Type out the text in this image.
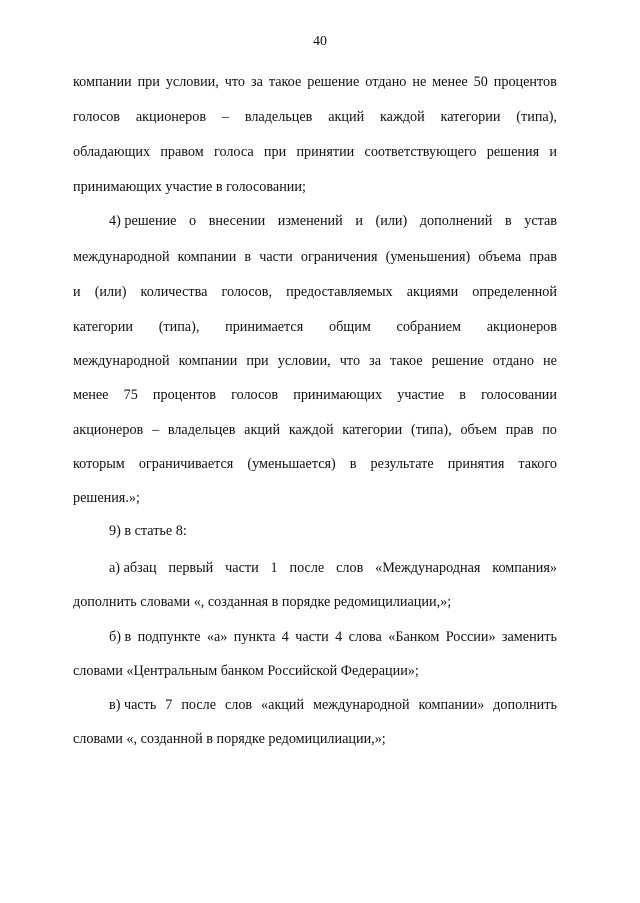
40
компании при условии, что за такое решение отдано не менее 50 процентов
голосов акционеров – владельцев акций каждой категории (типа),
обладающих правом голоса при принятии соответствующего решения и
принимающих участие в голосовании;
4) решение о внесении изменений и (или) дополнений в устав
международной компании в части ограничения (уменьшения) объема прав
и (или) количества голосов, предоставляемых акциями определенной
категории (типа), принимается общим собранием акционеров
международной компании при условии, что за такое решение отдано не
менее 75 процентов голосов принимающих участие в голосовании
акционеров – владельцев акций каждой категории (типа), объем прав по
которым ограничивается (уменьшается) в результате принятия такого
решения.»;
9) в статье 8:
а) абзац первый части 1 после слов «Международная компания»
дополнить словами «, созданная в порядке редомицилиации,»;
б) в подпункте «а» пункта 4 части 4 слова «Банком России» заменить
словами «Центральным банком Российской Федерации»;
в) часть 7 после слов «акций международной компании» дополнить
словами «, созданной в порядке редомицилиации,»;
